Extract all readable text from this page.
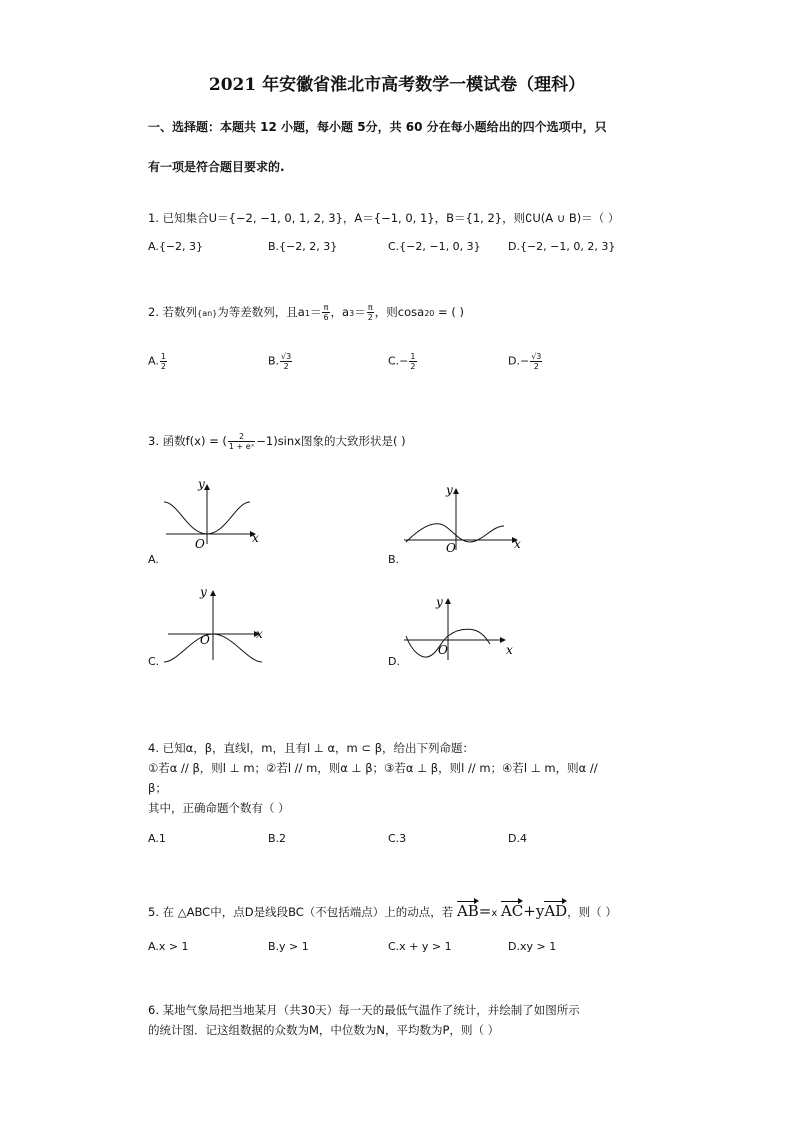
2021 年安徽省淮北市高考数学一模试卷（理科）
一、选择题：本题共 12 小题，每小题 5分，共 60 分在每小题给出的四个选项中，只
有一项是符合题目要求的.
1. 已知集合U＝{−2, −1, 0, 1, 2, 3}，A＝{−1, 0, 1}，B＝{1, 2}，则∁U(A ∪ B)＝（ ）
A.{−2, 3}	B.{−2, 2, 3}	C.{−2, −1, 0, 3} D.{−2, −1, 0, 2, 3}
2. 若数列{an}为等差数列，且$a1= \frac{\pi}{6}$ ，$a3= \frac{\pi}{2}$ ，则cosa20 = ( )
A. $\frac{1}{2}$	B. $\frac{√3}{2}$	$C.- \frac{1}{2}$	$D.- \frac{√3}{2}$
3. 函数f(x) = ( $\frac{2}{\text{1 + eˣ}} -1)\sin x$图象的大致形状是( )
x
y
O
A.
x
y
O
B.
x
y
O
C.
x
y
O
D.
4. 已知α，β，直线l，m，且有l ⊥ α，m ⊂ β，给出下列命题：
①若α // β，则l ⊥ m；②若l // m，则α ⊥ β；③若α ⊥ β，则l // m；④若l ⊥ m，则α //
β；
其中，正确命题个数有（ ）
A.1	B.2	C.3	D.4
5. 在 △ABC中，点D是线段BC（不包括端点）上的动点，若 AB=x AC+yAD，则（ ）
A.x > 1	B.y > 1	C.x + y > 1	D.xy > 1
6. 某地气象局把当地某月（共30天）每一天的最低气温作了统计，并绘制了如图所示
的统计图．记这组数据的众数为M，中位数为N，平均数为P，则（ ）
